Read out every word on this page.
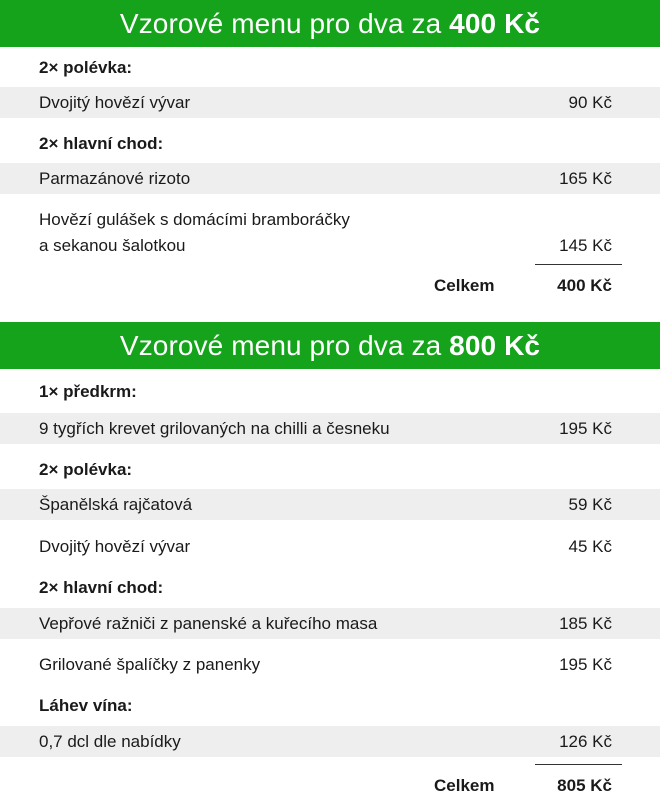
Vzorové menu pro dva za 400 Kč
2× polévka:
Dvojitý hovězí vývar	90 Kč
2× hlavní chod:
Parmazánové rizoto	165 Kč
Hovězí gulášek s domácími bramboráčky
a sekanou šalotkou	145 Kč
Celkem	400 Kč
Vzorové menu pro dva za 800 Kč
1× předkrm:
9 tygřích krevet grilovaných na chilli a česneku	195 Kč
2× polévka:
Španělská rajčatová	59 Kč
Dvojitý hovězí vývar	45 Kč
2× hlavní chod:
Vepřové ražniči z panenské a kuřecího masa	185 Kč
Grilované špalíčky z panenky	195 Kč
Láhev vína:
0,7 dcl dle nabídky	126 Kč
Celkem	805 Kč
